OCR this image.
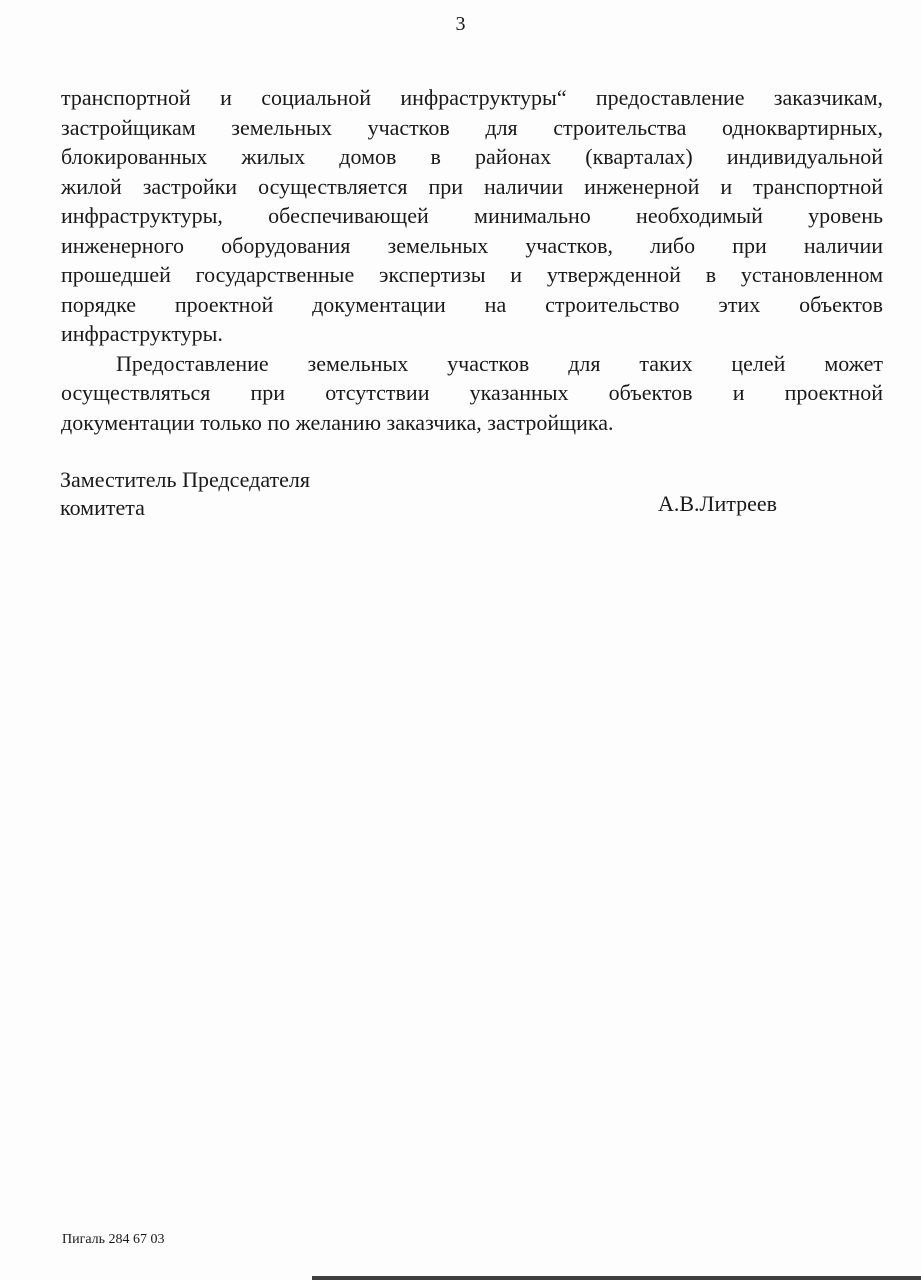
3
транспортной и социальной инфраструктуры“ предоставление заказчикам,
застройщикам земельных участков для строительства одноквартирных,
блокированных жилых домов в районах (кварталах) индивидуальной
жилой застройки осуществляется при наличии инженерной и транспортной
инфраструктуры, обеспечивающей минимально необходимый уровень
инженерного оборудования земельных участков, либо при наличии
прошедшей государственные экспертизы и утвержденной в установленном
порядке проектной документации на строительство этих объектов
инфраструктуры.
Предоставление земельных участков для таких целей может
осуществляться при отсутствии указанных объектов и проектной
документации только по желанию заказчика, застройщика.
Заместитель Председателя
комитета	А.В.Литреев
Пигаль 284 67 03
